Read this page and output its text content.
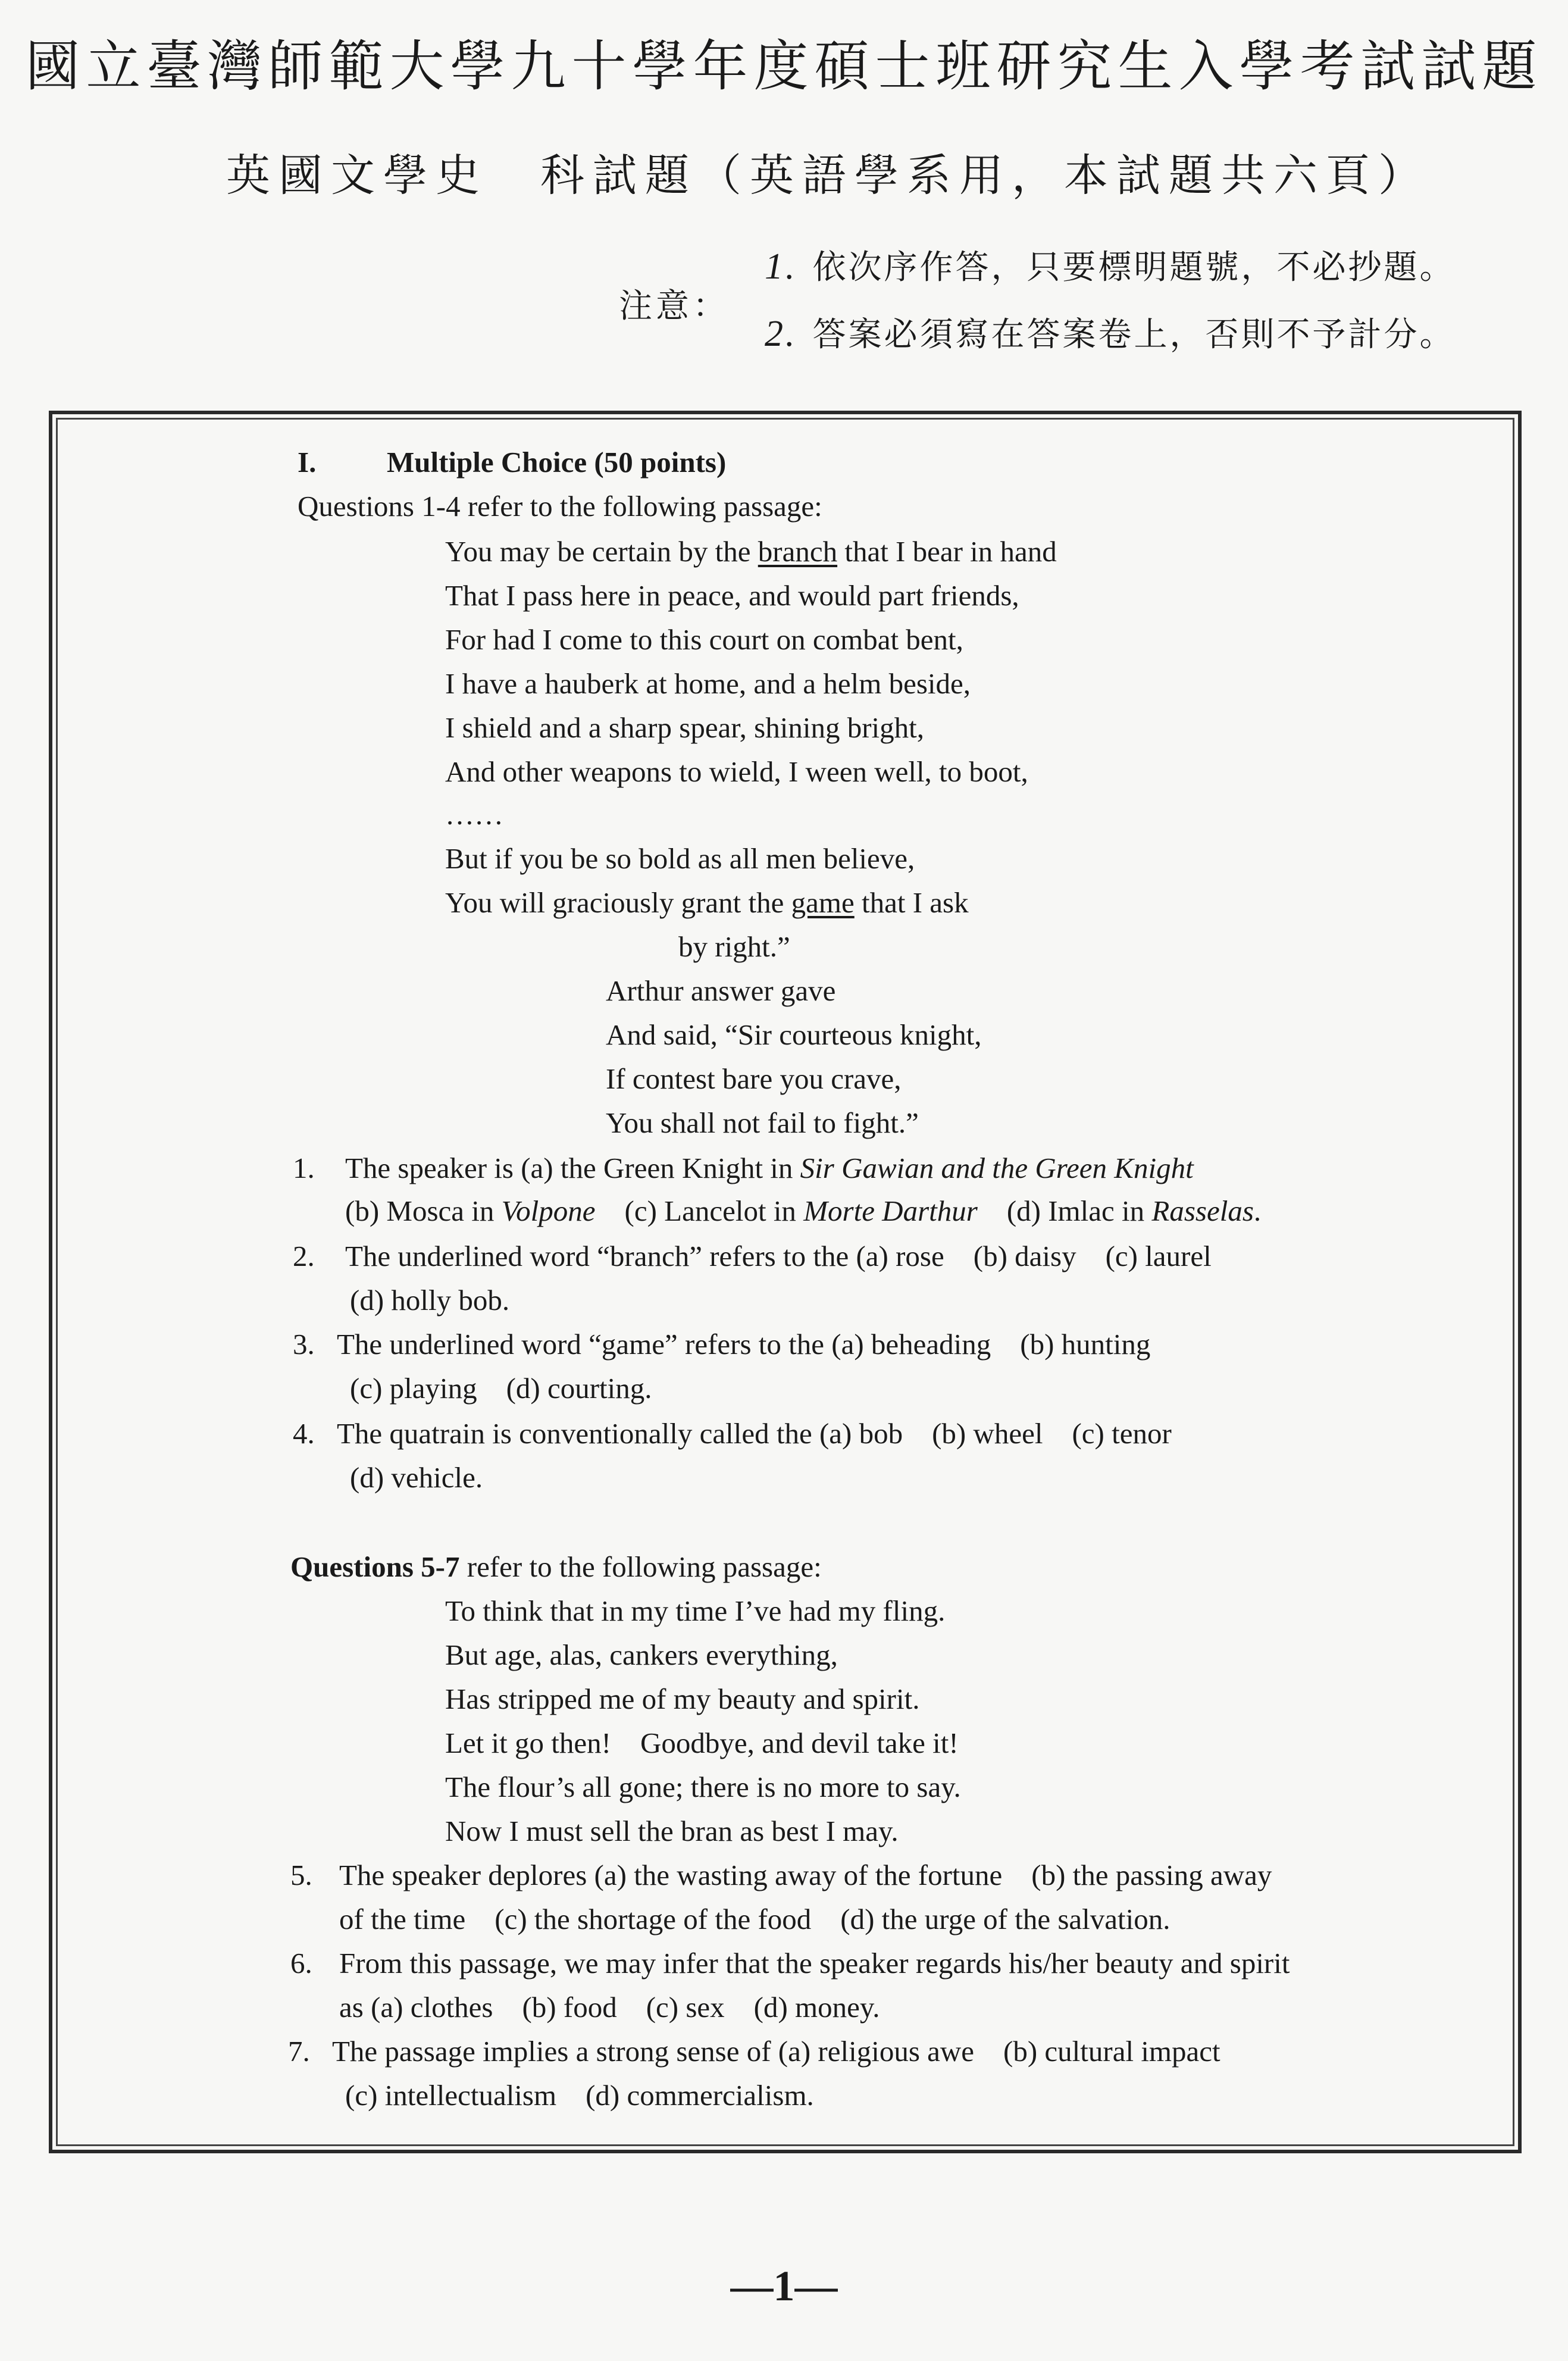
國立臺灣師範大學九十學年度碩士班研究生入學考試試題
英國文學史　科試題（英語學系用，本試題共六頁）
注意：
1. 依次序作答，只要標明題號，不必抄題。
2. 答案必須寫在答案卷上，否則不予計分。
I. Multiple Choice (50 points)
Questions 1-4 refer to the following passage:
You may be certain by the branch that I bear in hand
That I pass here in peace, and would part friends,
For had I come to this court on combat bent,
I have a hauberk at home, and a helm beside,
I shield and a sharp spear, shining bright,
And other weapons to wield, I ween well, to boot,
……
But if you be so bold as all men believe,
You will graciously grant the game that I ask
by right.”
Arthur answer gave
And said, “Sir courteous knight,
If contest bare you crave,
You shall not fail to fight.”
1. The speaker is (a) the Green Knight in Sir Gawian and the Green Knight
(b) Mosca in Volpone　 (c) Lancelot in Morte Darthur　 (d) Imlac in Rasselas.
2. The underlined word “branch” refers to the (a) rose　(b) daisy　(c) laurel
(d) holly bob.
3. The underlined word “game” refers to the (a) beheading　(b) hunting
(c) playing　(d) courting.
4. The quatrain is conventionally called the (a) bob　(b) wheel　(c) tenor
(d) vehicle.
Questions 5-7 refer to the following passage:
To think that in my time I’ve had my fling.
But age, alas, cankers everything,
Has stripped me of my beauty and spirit.
Let it go then!　Goodbye, and devil take it!
The flour’s all gone; there is no more to say.
Now I must sell the bran as best I may.
5. The speaker deplores (a) the wasting away of the fortune　(b) the passing away
of the time　(c) the shortage of the food　(d) the urge of the salvation.
6. From this passage, we may infer that the speaker regards his/her beauty and spirit
as (a) clothes　(b) food　(c) sex　(d) money.
7. The passage implies a strong sense of (a) religious awe　(b) cultural impact
(c) intellectualism　(d) commercialism.
—1—
